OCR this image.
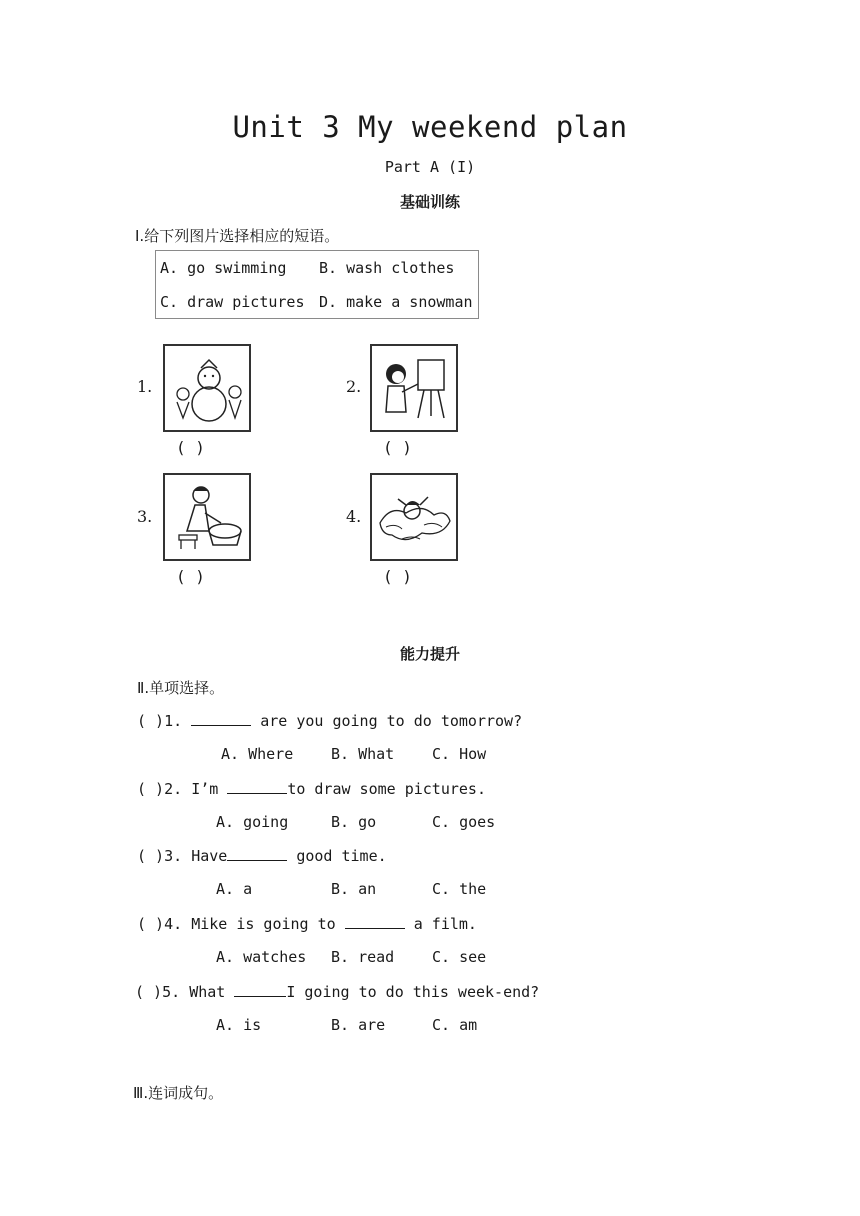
Unit 3 My weekend plan
Part A (I)
基础训练
Ⅰ.给下列图片选择相应的短语。
A. go swimming B. wash clothes
C. draw pictures D. make a snowman
1.
( )
2.
( )
3.
( )
4.
( )
能力提升
Ⅱ.单项选择。
( )1.	are you going to do tomorrow?
A. Where	B. What	C. How
( )2. I’m	to draw some pictures.
A. going	B. go	C. goes
( )3. Have	good time.
A. a	B. an	C. the
( )4. Mike is going to	a film.
A. watches B. read	C. see
( )5. What	I going to do this week-end?
A. is	B. are	C. am
Ⅲ.连词成句。
